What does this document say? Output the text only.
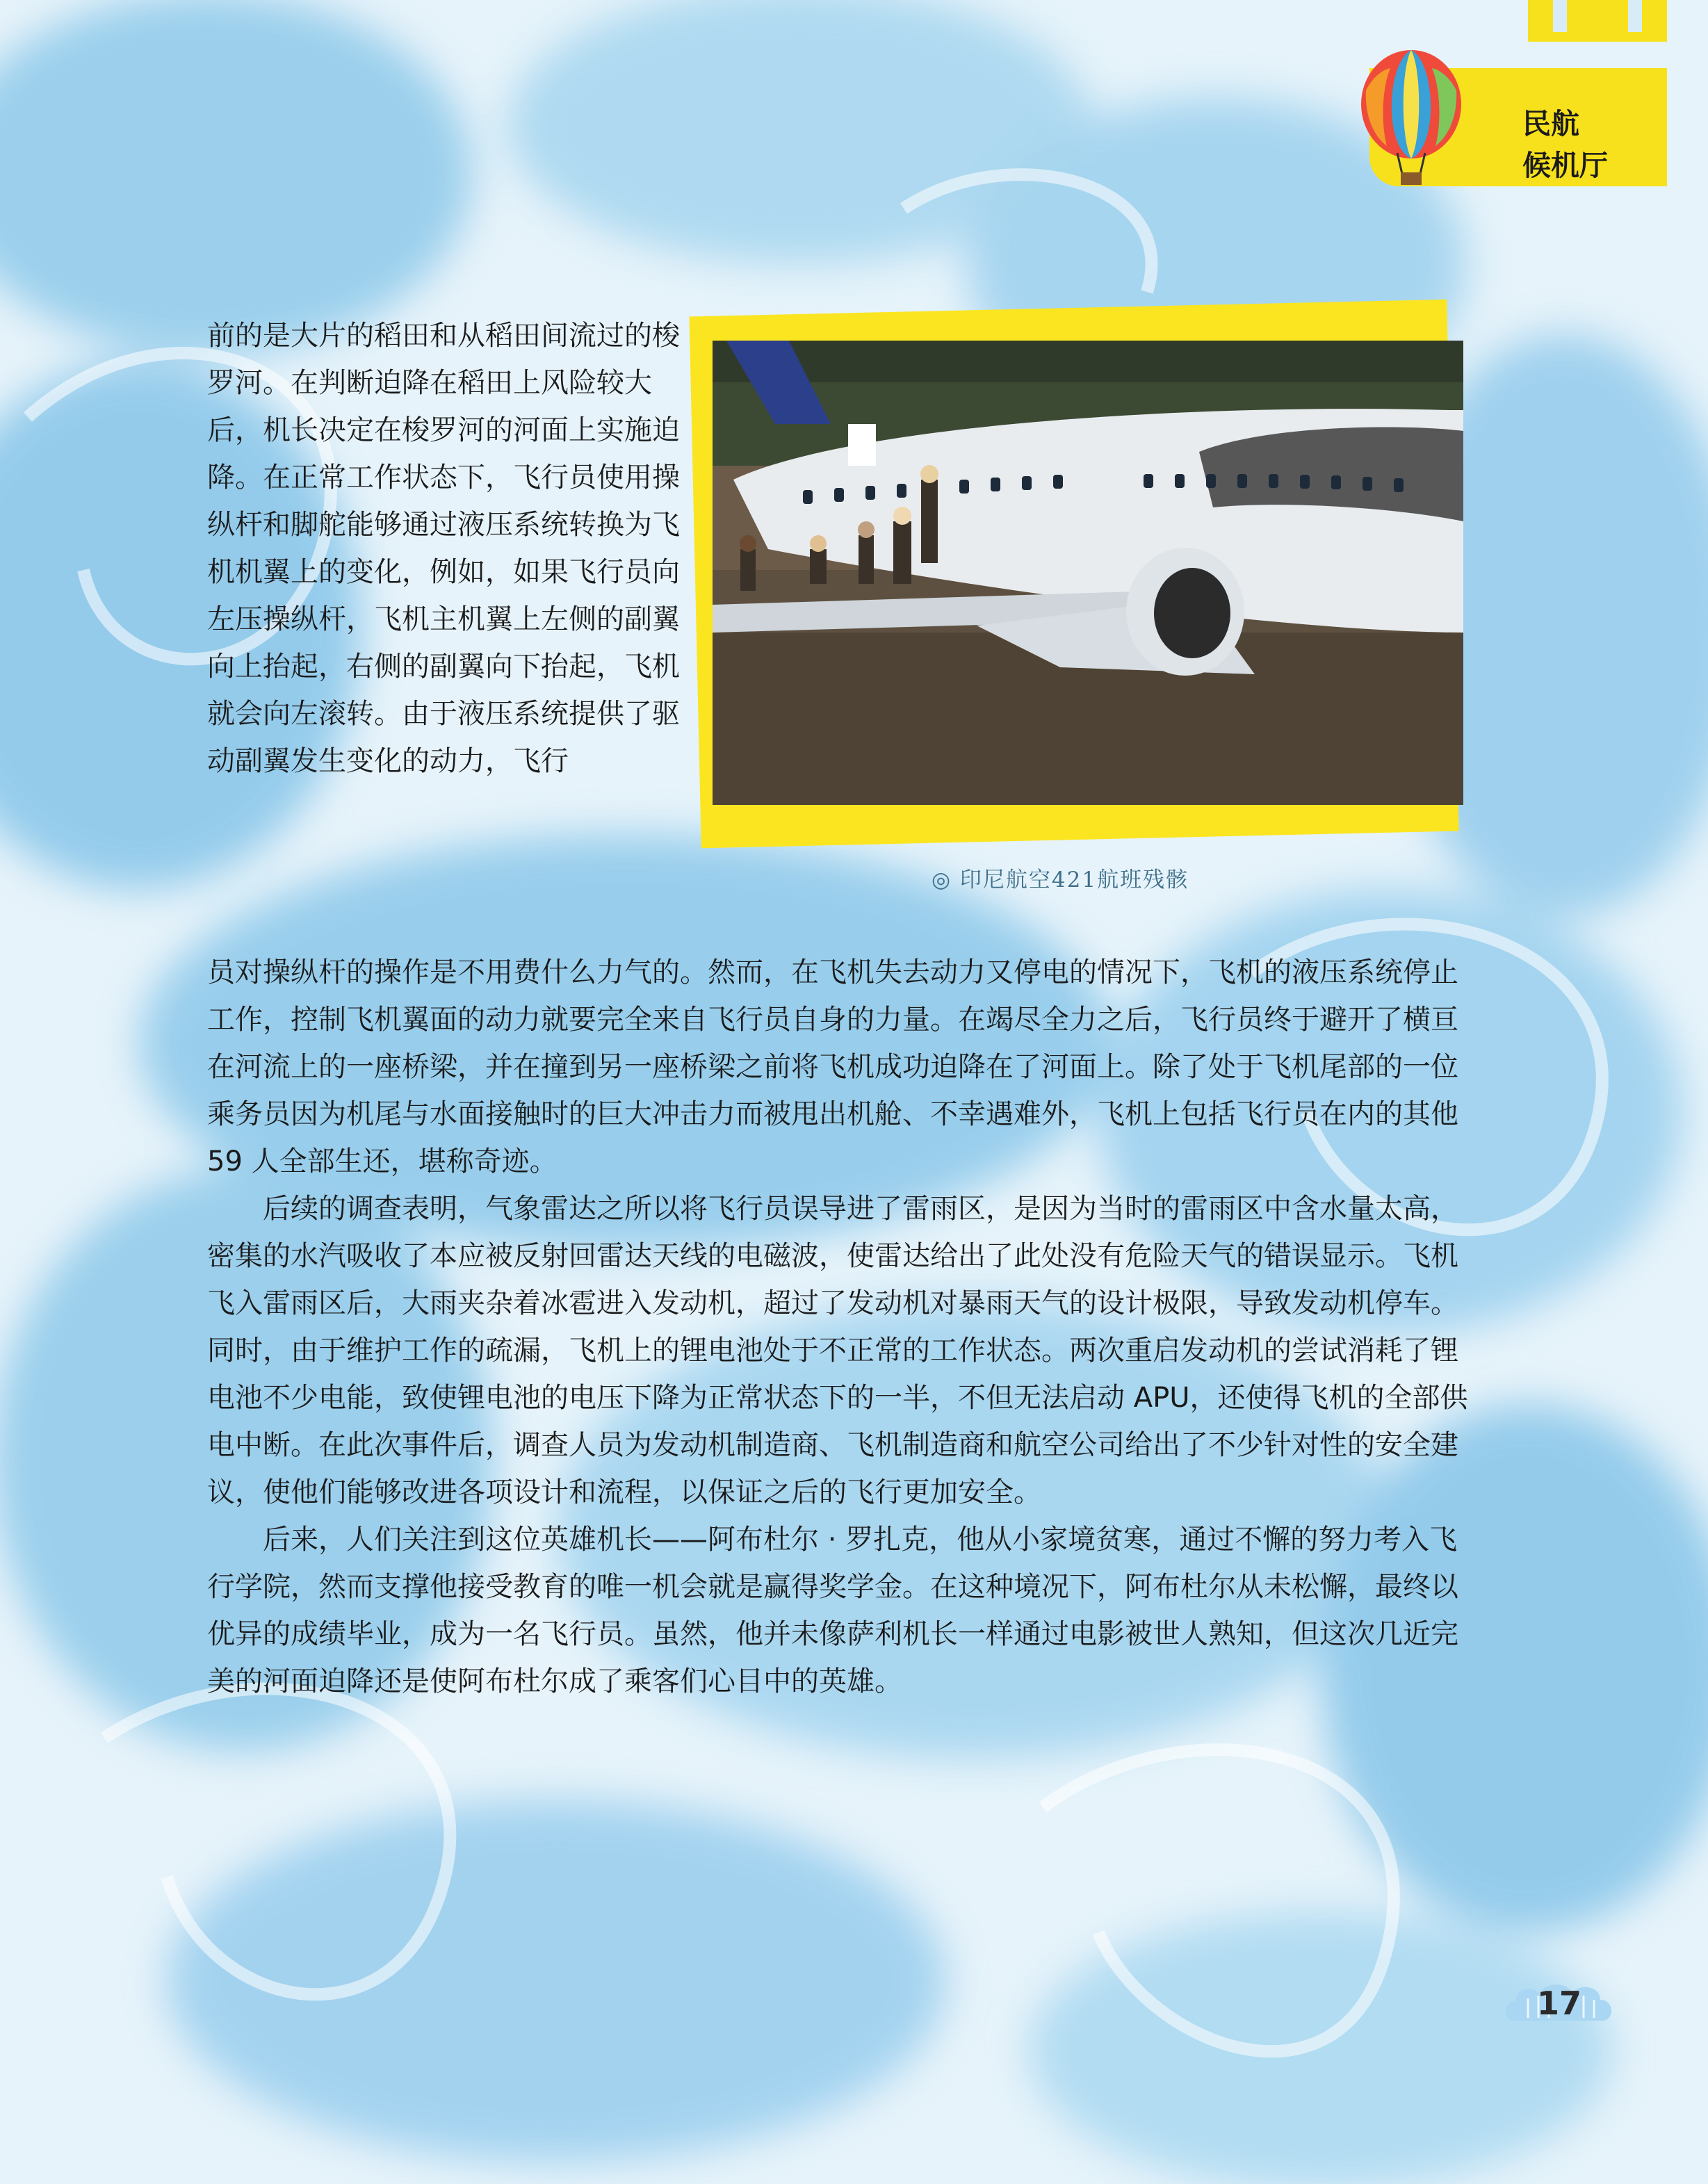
民航
候机厅
◎ 印尼航空421航班残骸

前的是大片的稻田和从稻田间流过的梭罗河。在判断迫降在稻田上风险较大后，机长决定在梭罗河的河面上实施迫降。在正常工作状态下，飞行员使用操纵杆和脚舵能够通过液压系统转换为飞机机翼上的变化，例如，如果飞行员向左压操纵杆，飞机主机翼上左侧的副翼向上抬起，右侧的副翼向下抬起，飞机就会向左滚转。由于液压系统提供了驱动副翼发生变化的动力，飞行

员对操纵杆的操作是不用费什么力气的。然而，在飞机失去动力又停电的情况下，飞机的液压系统停止工作，控制飞机翼面的动力就要完全来自飞行员自身的力量。在竭尽全力之后，飞行员终于避开了横亘在河流上的一座桥梁，并在撞到另一座桥梁之前将飞机成功迫降在了河面上。除了处于飞机尾部的一位乘务员因为机尾与水面接触时的巨大冲击力而被甩出机舱、不幸遇难外，飞机上包括飞行员在内的其他 59 人全部生还，堪称奇迹。

后续的调查表明，气象雷达之所以将飞行员误导进了雷雨区，是因为当时的雷雨区中含水量太高，密集的水汽吸收了本应被反射回雷达天线的电磁波，使雷达给出了此处没有危险天气的错误显示。飞机飞入雷雨区后，大雨夹杂着冰雹进入发动机，超过了发动机对暴雨天气的设计极限，导致发动机停车。同时，由于维护工作的疏漏，飞机上的锂电池处于不正常的工作状态。两次重启发动机的尝试消耗了锂电池不少电能，致使锂电池的电压下降为正常状态下的一半，不但无法启动 APU，还使得飞机的全部供电中断。在此次事件后，调查人员为发动机制造商、飞机制造商和航空公司给出了不少针对性的安全建议，使他们能够改进各项设计和流程，以保证之后的飞行更加安全。

后来，人们关注到这位英雄机长——阿布杜尔 · 罗扎克，他从小家境贫寒，通过不懈的努力考入飞行学院，然而支撑他接受教育的唯一机会就是赢得奖学金。在这种境况下，阿布杜尔从未松懈，最终以优异的成绩毕业，成为一名飞行员。虽然，他并未像萨利机长一样通过电影被世人熟知，但这次几近完美的河面迫降还是使阿布杜尔成了乘客们心目中的英雄。

17
